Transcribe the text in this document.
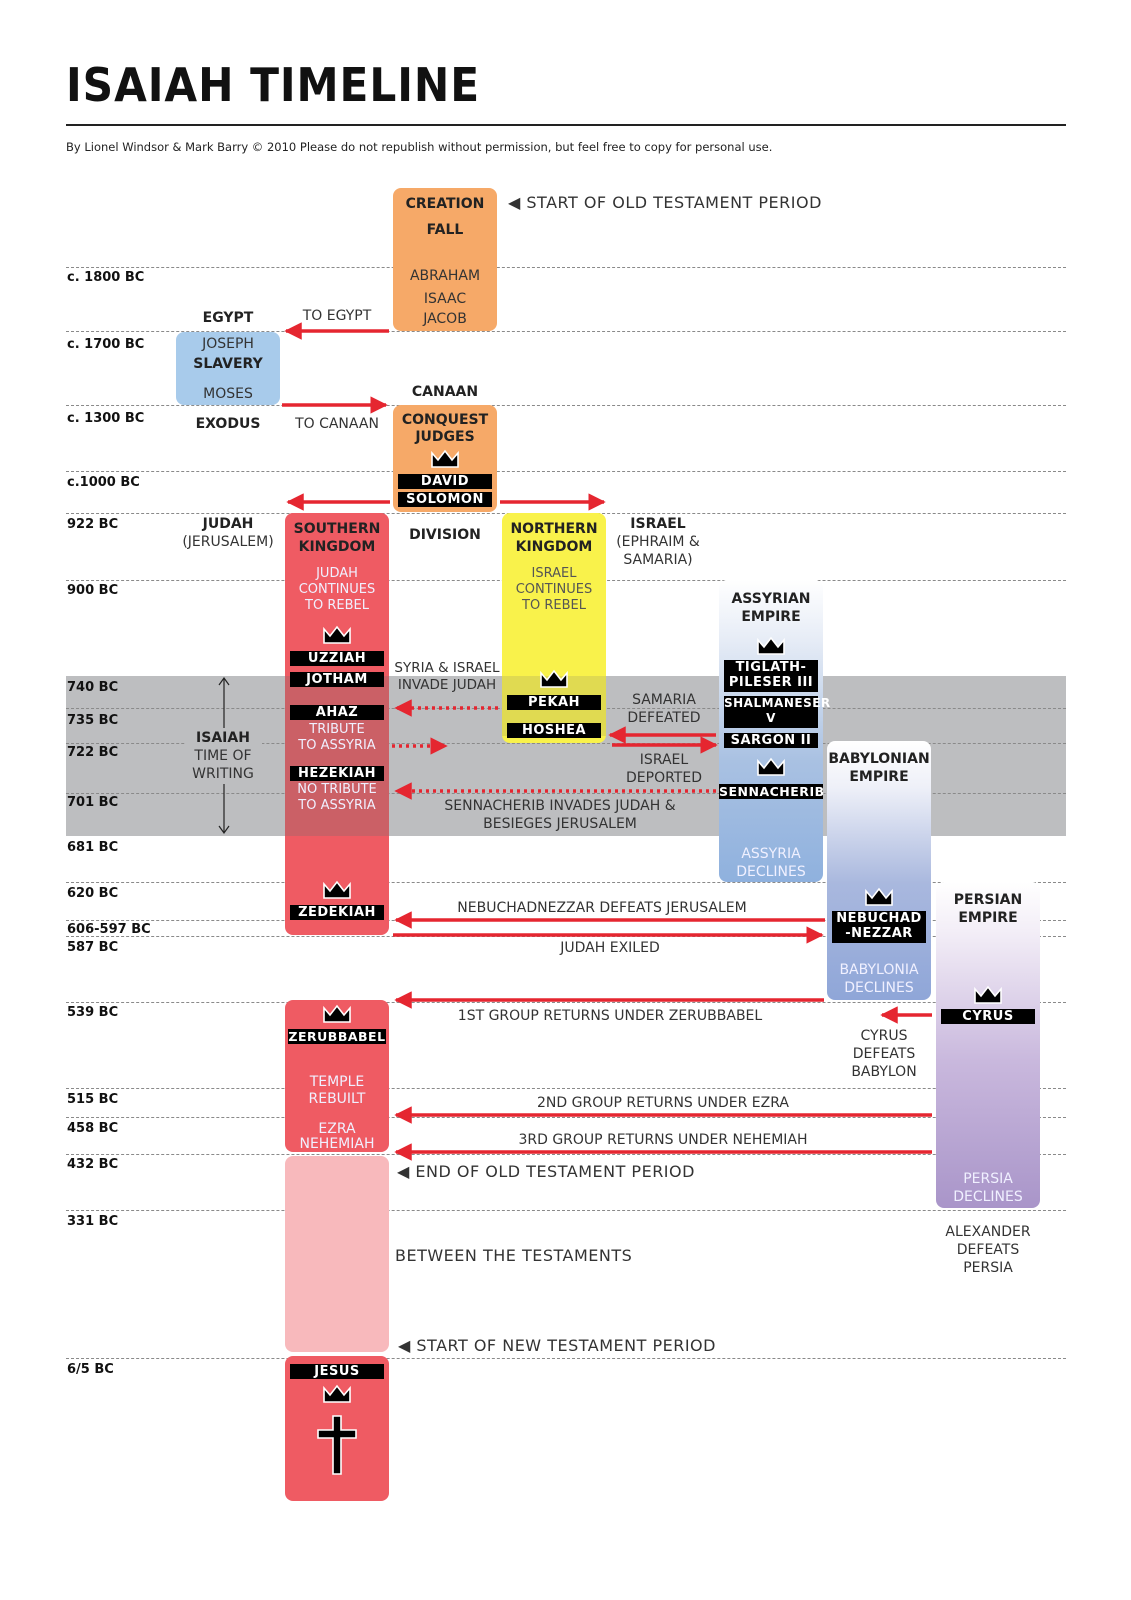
ISAIAH TIMELINE
By Lionel Windsor & Mark Barry © 2010 Please do not republish without permission, but feel free to copy for personal use.
c. 1800 BC
c. 1700 BC
c. 1300 BC
c.1000 BC
922 BC
900 BC
740 BC
735 BC
722 BC
701 BC
681 BC
620 BC
606-597 BC
587 BC
539 BC
515 BC
458 BC
432 BC
331 BC
6/5 BC
CREATION
FALL
ABRAHAM
ISAAC
JACOB
◀ START OF OLD TESTAMENT PERIOD
EGYPT	TO EGYPT
JOSEPH
SLAVERY
MOSES
EXODUS	TO CANAAN
CANAAN
CONQUEST
JUDGES
DAVID
SOLOMON
DIVISION
JUDAH
(JERUSALEM)
ISRAEL
(EPHRAIM &
SAMARIA)
SOUTHERN
KINGDOM
JUDAH
CONTINUES
TO REBEL
UZZIAH
JOTHAM
AHAZ
TRIBUTE
TO ASSYRIA
HEZEKIAH
NO TRIBUTE
TO ASSYRIA
ZEDEKIAH
NORTHERN
KINGDOM
ISRAEL
CONTINUES
TO REBEL
PEKAH
HOSHEA
ISAIAH
TIME OF
WRITING
SYRIA & ISRAEL
INVADE JUDAH
SAMARIA
DEFEATED
ISRAEL
DEPORTED
SENNACHERIB INVADES JUDAH &
BESIEGES JERUSALEM
NEBUCHADNEZZAR DEFEATS JERUSALEM
JUDAH EXILED
1ST GROUP RETURNS UNDER ZERUBBABEL
CYRUS
DEFEATS
BABYLON
2ND GROUP RETURNS UNDER EZRA
3RD GROUP RETURNS UNDER NEHEMIAH
◀ END OF OLD TESTAMENT PERIOD
BETWEEN THE TESTAMENTS
◀ START OF NEW TESTAMENT PERIOD
ALEXANDER
DEFEATS
PERSIA
ASSYRIAN
EMPIRE
TIGLATH-
PILESER III
SHALMANESER
V
SARGON II
SENNACHERIB
ASSYRIA
DECLINES
BABYLONIAN
EMPIRE
NEBUCHAD
-NEZZAR
BABYLONIA
DECLINES
PERSIAN
EMPIRE
CYRUS
PERSIA
DECLINES
ZERUBBABEL
TEMPLE
REBUILT
EZRA
NEHEMIAH
JESUS
